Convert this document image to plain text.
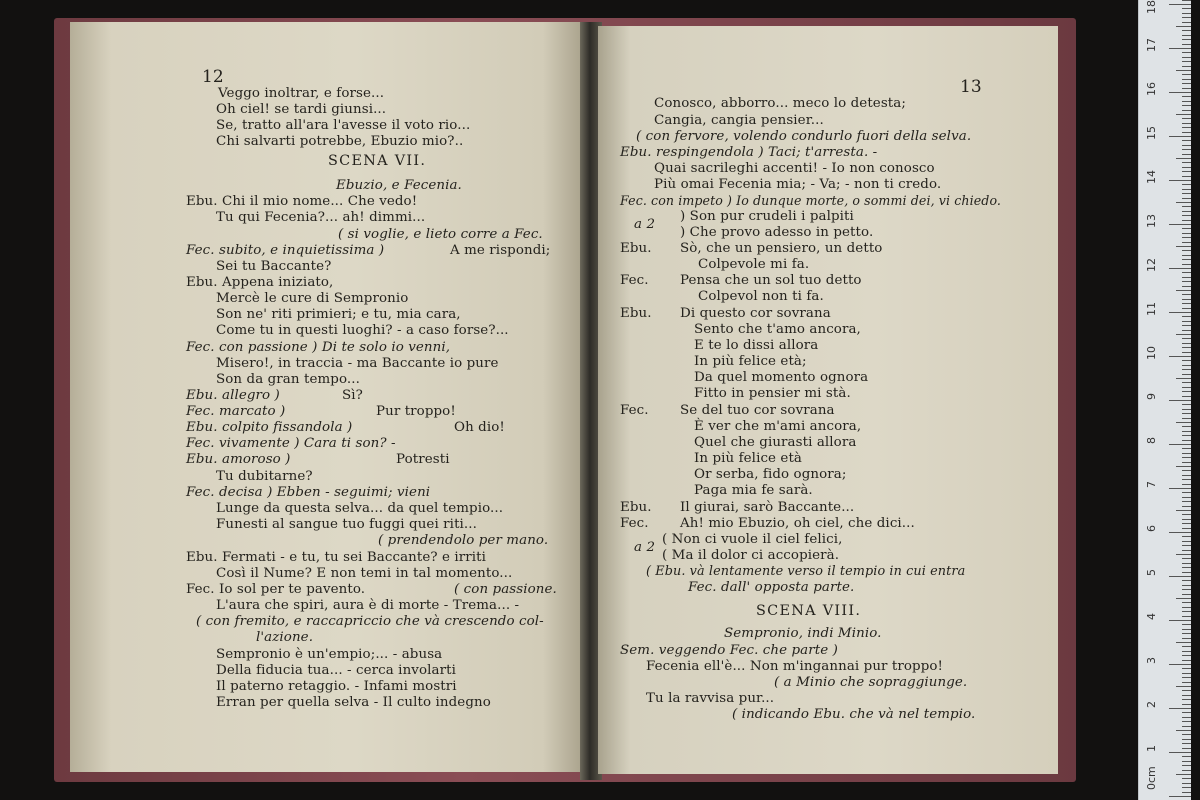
12
Veggo inoltrar, e forse...
Oh ciel! se tardi giunsi...
Se, tratto all'ara l'avesse il voto rio...
Chi salvarti potrebbe, Ebuzio mio?..
SCENA VII.
Ebuzio, e Fecenia.
Ebu. Chi il mio nome... Che vedo!
Tu qui Fecenia?... ah! dimmi...
( si voglie, e lieto corre a Fec.
Fec. subito, e inquietissima )	A me rispondi;
Sei tu Baccante?
Ebu. Appena iniziato,
Mercè le cure di Sempronio
Son ne' riti primieri; e tu, mia cara,
Come tu in questi luoghi? - a caso forse?...
Fec. con passione ) Di te solo io venni,
Misero!, in traccia - ma Baccante io pure
Son da gran tempo...
Ebu. allegro )	Sì?
Fec. marcato )	Pur troppo!
Ebu. colpito fissandola )	Oh dio!
Fec. vivamente ) Cara ti son? -
Ebu. amoroso )	Potresti
Tu dubitarne?
Fec. decisa ) Ebben - seguimi; vieni
Lunge da questa selva... da quel tempio...
Funesti al sangue tuo fuggi quei riti...
( prendendolo per mano.
Ebu. Fermati - e tu, tu sei Baccante? e irriti
Così il Nume? E non temi in tal momento...
Fec. Io sol per te pavento.	( con passione.
L'aura che spiri, aura è di morte - Trema... -
( con fremito, e raccapriccio che và crescendo col-
l'azione.
Sempronio è un'empio;... - abusa
Della fiducia tua... - cerca involarti
Il paterno retaggio. - Infami mostri
Erran per quella selva - Il culto indegno
13
Conosco, abborro... meco lo detesta;
Cangia, cangia pensier...
( con fervore, volendo condurlo fuori della selva.
Ebu. respingendola ) Taci; t'arresta. -
Quai sacrileghi accenti! - Io non conosco
Più omai Fecenia mia; - Va; - non ti credo.
Fec. con impeto ) Io dunque morte, o sommi dei, vi chiedo.
a 2
) Son pur crudeli i palpiti
) Che provo adesso in petto.
Ebu. Sò, che un pensiero, un detto
Colpevole mi fa.
Fec. Pensa che un sol tuo detto
Colpevol non ti fa.
Ebu. Di questo cor sovrana
Sento che t'amo ancora,
E te lo dissi allora
In più felice età;
Da quel momento ognora
Fitto in pensier mi stà.
Fec. Se del tuo cor sovrana
È ver che m'ami ancora,
Quel che giurasti allora
In più felice età
Or serba, fido ognora;
Paga mia fe sarà.
Ebu. Il giurai, sarò Baccante...
Fec. Ah! mio Ebuzio, oh ciel, che dici...
a 2
( Non ci vuole il ciel felici,
( Ma il dolor ci accopierà.
( Ebu. và lentamente verso il tempio in cui entra
Fec. dall' opposta parte.
SCENA VIII.
Sempronio, indi Minio.
Sem. veggendo Fec. che parte )
Fecenia ell'è... Non m'ingannai pur troppo!
( a Minio che sopraggiunge.
Tu la ravvisa pur...
( indicando Ebu. che và nel tempio.
0cm
1
2
3
4
5
6
7
8
9
10
11
12
13
14
15
16
17
18
